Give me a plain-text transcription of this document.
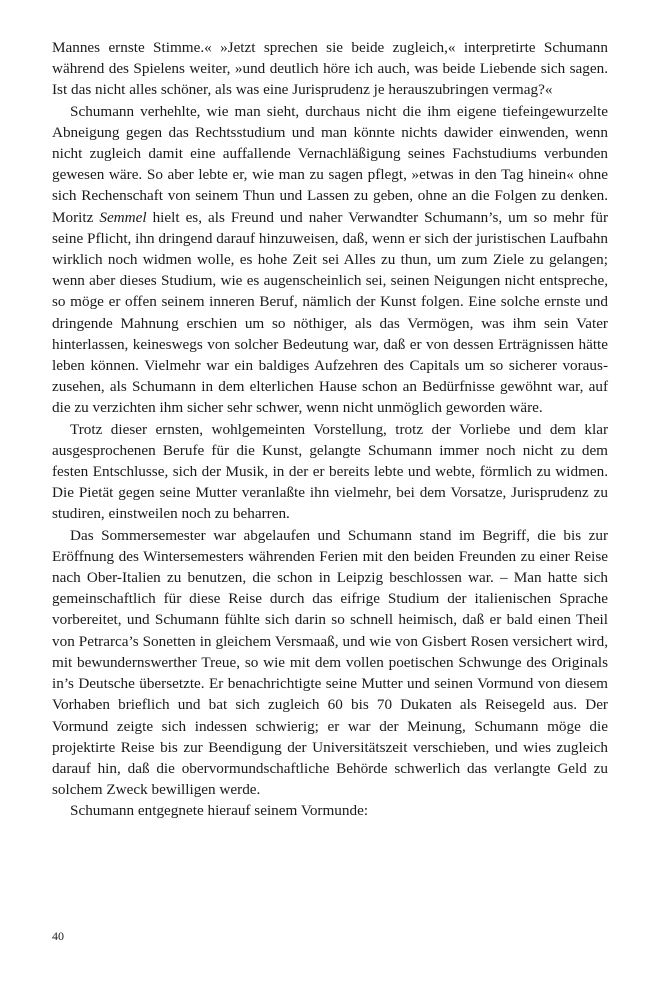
Mannes ernste Stimme.« »Jetzt sprechen sie beide zugleich,« interpretirte Schumann während des Spielens weiter, »und deutlich höre ich auch, was beide Liebende sich sagen. Ist das nicht alles schöner, als was eine Jurisprudenz je herauszubringen vermag?«

Schumann verhehlte, wie man sieht, durchaus nicht die ihm eigene tiefeingewurzelte Abneigung gegen das Rechtsstudium und man könnte nichts dawider einwenden, wenn nicht zugleich damit eine auffallende Vernachläßigung seines Fachstudiums verbunden gewesen wäre. So aber lebte er, wie man zu sagen pflegt, »etwas in den Tag hinein« ohne sich Rechenschaft von seinem Thun und Lassen zu geben, ohne an die Folgen zu denken. Moritz Semmel hielt es, als Freund und naher Verwandter Schumann’s, um so mehr für seine Pflicht, ihn dringend darauf hinzuweisen, daß, wenn er sich der juristischen Laufbahn wirklich noch widmen wolle, es hohe Zeit sei Alles zu thun, um zum Ziele zu gelangen; wenn aber dieses Studium, wie es augenscheinlich sei, seinen Neigungen nicht entspreche, so möge er offen seinem inneren Beruf, nämlich der Kunst folgen. Eine solche ernste und dringende Mahnung erschien um so nöthiger, als das Vermögen, was ihm sein Vater hinterlassen, keineswegs von solcher Bedeutung war, daß er von dessen Erträgnissen hätte leben können. Vielmehr war ein baldiges Aufzehren des Capitals um so sicherer vorauszusehen, als Schumann in dem elterlichen Hause schon an Bedürfnisse gewöhnt war, auf die zu verzichten ihm sicher sehr schwer, wenn nicht unmöglich geworden wäre.

Trotz dieser ernsten, wohlgemeinten Vorstellung, trotz der Vorliebe und dem klar ausgesprochenen Berufe für die Kunst, gelangte Schumann immer noch nicht zu dem festen Entschlusse, sich der Musik, in der er bereits lebte und webte, förmlich zu widmen. Die Pietät gegen seine Mutter veranlaßte ihn vielmehr, bei dem Vorsatze, Jurisprudenz zu studiren, einstweilen noch zu beharren.

Das Sommersemester war abgelaufen und Schumann stand im Begriff, die bis zur Eröffnung des Wintersemesters währenden Ferien mit den beiden Freunden zu einer Reise nach Ober-Italien zu benutzen, die schon in Leipzig beschlossen war. – Man hatte sich gemeinschaftlich für diese Reise durch das eifrige Studium der italienischen Sprache vorbereitet, und Schumann fühlte sich darin so schnell heimisch, daß er bald einen Theil von Petrarca’s Sonetten in gleichem Versmaaß, und wie von Gisbert Rosen versichert wird, mit bewundernswerther Treue, so wie mit dem vollen poetischen Schwunge des Originals in’s Deutsche übersetzte. Er benachrichtigte seine Mutter und seinen Vormund von diesem Vorhaben brieflich und bat sich zugleich 60 bis 70 Dukaten als Reisegeld aus. Der Vormund zeigte sich indessen schwierig; er war der Meinung, Schumann möge die projektirte Reise bis zur Beendigung der Universitätszeit verschieben, und wies zugleich darauf hin, daß die obervormundschaftliche Behörde schwerlich das verlangte Geld zu solchem Zweck bewilligen werde.

Schumann entgegnete hierauf seinem Vormunde:

40
